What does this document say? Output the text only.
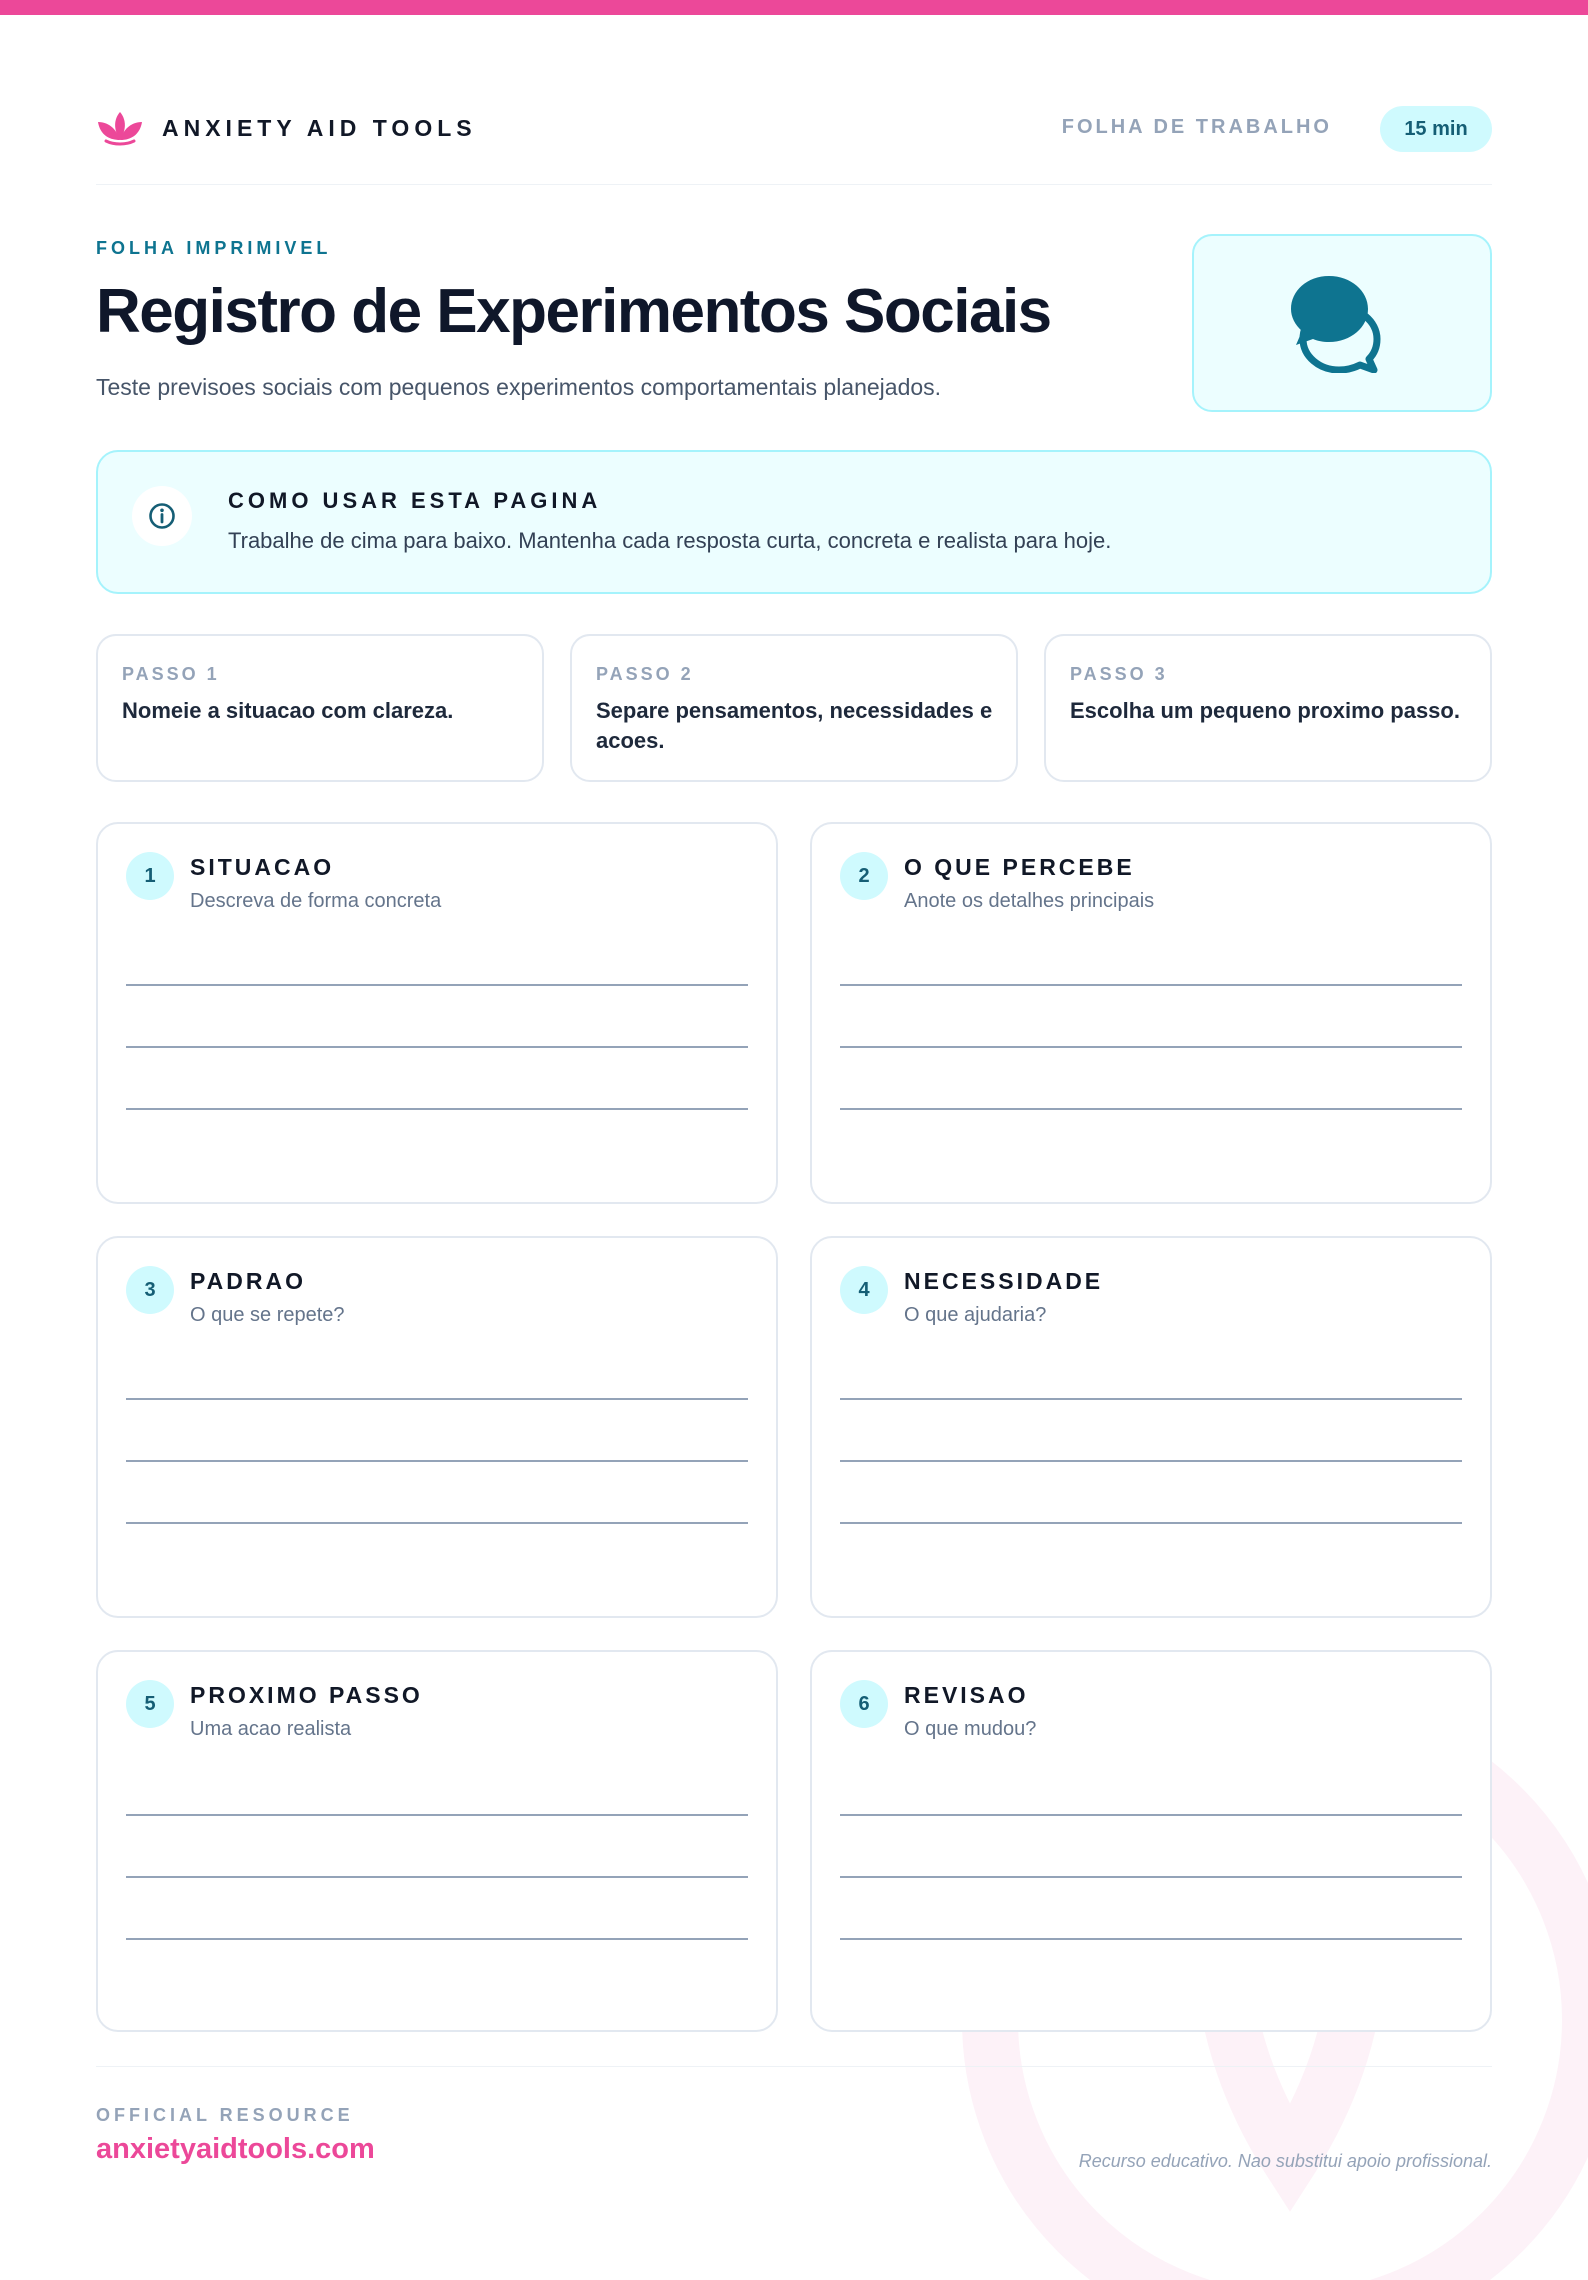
ANXIETY AID TOOLS	FOLHA DE TRABALHO	15 min
FOLHA IMPRIMIVEL
Registro de Experimentos Sociais
Teste previsoes sociais com pequenos experimentos comportamentais planejados.
COMO USAR ESTA PAGINA
Trabalhe de cima para baixo. Mantenha cada resposta curta, concreta e realista para hoje.
PASSO 1
Nomeie a situacao com clareza.
PASSO 2
Separe pensamentos, necessidades e acoes.
PASSO 3
Escolha um pequeno proximo passo.
1	SITUACAO
Descreva de forma concreta
2	O QUE PERCEBE
Anote os detalhes principais
3	PADRAO
O que se repete?
4	NECESSIDADE
O que ajudaria?
5	PROXIMO PASSO
Uma acao realista
6	REVISAO
O que mudou?
OFFICIAL RESOURCE
anxietyaidtools.com	Recurso educativo. Nao substitui apoio profissional.
